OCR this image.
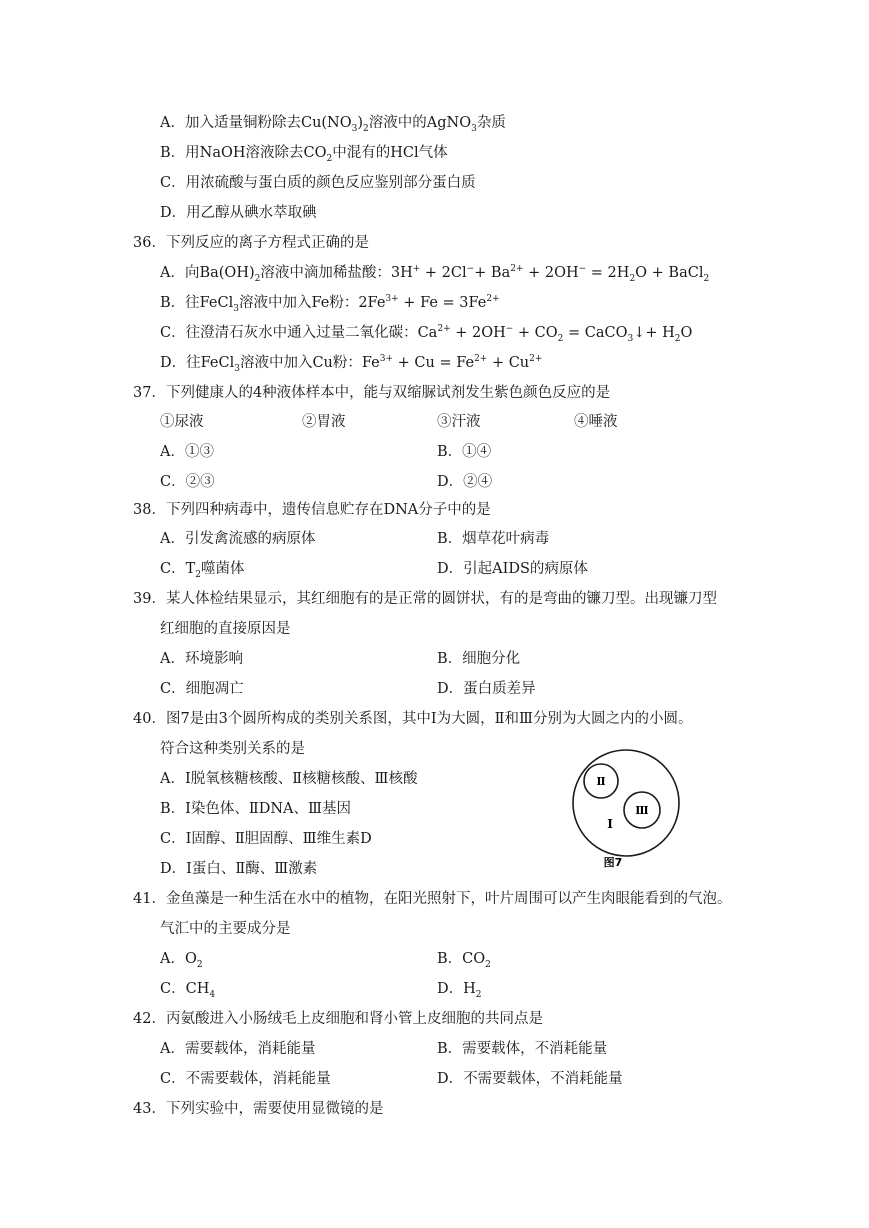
A．加入适量铜粉除去$Cu(NO_3)_2$溶液中的AgNO$_3$杂质
B．用NaOH溶液除去$CO_2$中混有的HCl气体
C．用浓硫酸与蛋白质的颜色反应鉴别部分蛋白质
D．用乙醇从碘水萃取碘
36．下列反应的离子方程式正确的是
A．向$Ba(OH)_2$溶液中滴加稀盐酸：$3H^+ + 2Cl^-+ Ba^{2+} + 2OH^- = 2H_2O$ + BaCl$_2$
B．往FeCl$_3$溶液中加入Fe粉：$2Fe^{3+} + Fe = 3Fe^{2+}$
C．往澄清石灰水中通入过量二氧化碳：$Ca^{2+} + 2OH^- + CO_2$ = CaCO$_3$↓+ $H_2O$
D．往FeCl$_3$溶液中加入Cu粉：$Fe^{3+} + Cu = Fe^{2+} + Cu^{2+}$
37．下列健康人的4种液体样本中，能与双缩脲试剂发生紫色颜色反应的是
①尿液	②胃液	③汗液	④唾液
A．①③	B．①④
C．②③	D．②④
38．下列四种病毒中，遗传信息贮存在DNA分子中的是
A．引发禽流感的病原体	B．烟草花叶病毒
C．$T_2$噬菌体	D．引起AIDS的病原体
39．某人体检结果显示，其红细胞有的是正常的圆饼状，有的是弯曲的镰刀型。出现镰刀型
红细胞的直接原因是
A．环境影响	B．细胞分化
C．细胞凋亡	D．蛋白质差异
40．图7是由3个圆所构成的类别关系图，其中Ⅰ为大圆，Ⅱ和Ⅲ分别为大圆之内的小圆。
符合这种类别关系的是
A．Ⅰ脱氧核糖核酸、Ⅱ核糖核酸、Ⅲ核酸
B．Ⅰ染色体、ⅡDNA、Ⅲ基因
C．Ⅰ固醇、Ⅱ胆固醇、Ⅲ维生素D
D．Ⅰ蛋白、Ⅱ酶、Ⅲ激素
Ⅱ
Ⅲ
Ⅰ
图7
41．金鱼藻是一种生活在水中的植物，在阳光照射下，叶片周围可以产生肉眼能看到的气泡。
气汇中的主要成分是
A．$O_2$	B．$CO_2$
C．$CH_4$	D．$H_2$
42．丙氨酸进入小肠绒毛上皮细胞和肾小管上皮细胞的共同点是
A．需要载体，消耗能量	B．需要载体，不消耗能量
C．不需要载体，消耗能量	D．不需要载体，不消耗能量
43．下列实验中，需要使用显微镜的是
